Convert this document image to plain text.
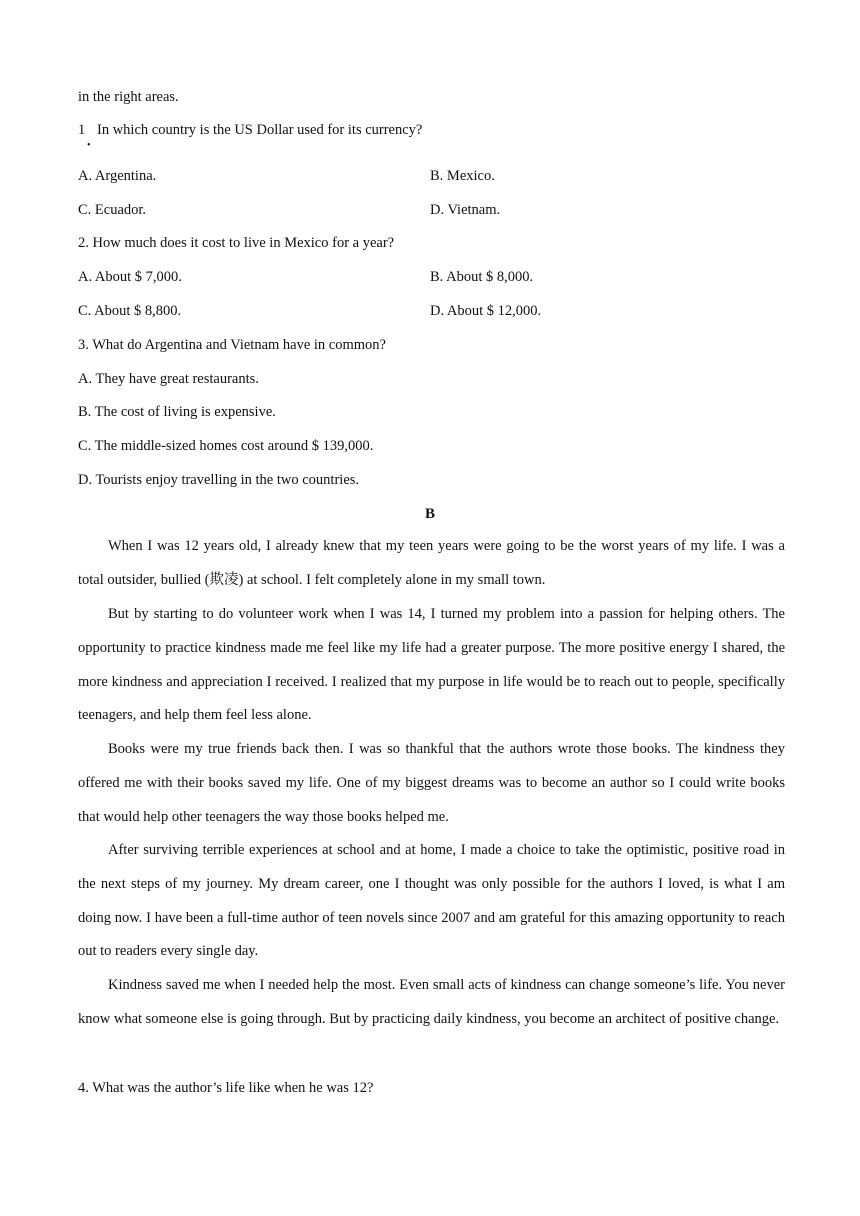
in the right areas.
1 In which country is the US Dollar used for its currency?
•
A. Argentina.	B. Mexico.
C. Ecuador.	D. Vietnam.
2. How much does it cost to live in Mexico for a year?
A. About $ 7,000.	B. About $ 8,000.
C. About $ 8,800.	D. About $ 12,000.
3. What do Argentina and Vietnam have in common?
A. They have great restaurants.
B. The cost of living is expensive.
C. The middle-sized homes cost around $ 139,000.
D. Tourists enjoy travelling in the two countries.
B

When I was 12 years old, I already knew that my teen years were going to be the worst years of my life. I was a total outsider, bullied (欺凌) at school. I felt completely alone in my small town.

But by starting to do volunteer work when I was 14, I turned my problem into a passion for helping others. The opportunity to practice kindness made me feel like my life had a greater purpose. The more positive energy I shared, the more kindness and appreciation I received. I realized that my purpose in life would be to reach out to people, specifically teenagers, and help them feel less alone.

Books were my true friends back then. I was so thankful that the authors wrote those books. The kindness they offered me with their books saved my life. One of my biggest dreams was to become an author so I could write books that would help other teenagers the way those books helped me.

After surviving terrible experiences at school and at home, I made a choice to take the optimistic, positive road in the next steps of my journey. My dream career, one I thought was only possible for the authors I loved, is what I am doing now. I have been a full-time author of teen novels since 2007 and am grateful for this amazing opportunity to reach out to readers every single day.

Kindness saved me when I needed help the most. Even small acts of kindness can change someone’s life. You never know what someone else is going through. But by practicing daily kindness, you become an architect of positive change.

4. What was the author’s life like when he was 12?
